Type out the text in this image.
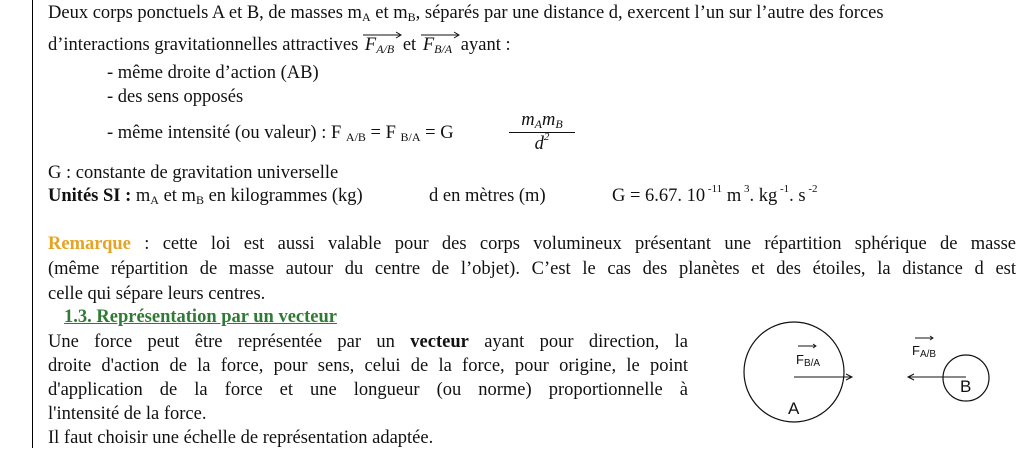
Deux corps ponctuels A et B, de masses $m_A$ et $m_B$, séparés par une distance d, exercent l’un sur l’autre des forces
d’interactions gravitationnelles attractives
$F_{A/B}$ et
$F_{B/A}$ ayant :
- même droite d’action (AB)
- des sens opposés
- même intensité (ou valeur) : F $_{A/B}$ = F $_{B/A}$ = G
$m_Am_B$
$d^2$
G : constante de gravitation universelle
Unités SI : $m_A$ et $m_B$ en kilogrammes (kg)	d en mètres (m)	G = 6.67. 10 $^{-11}$ m $^3$. kg $^{-1}$. s $^{-2}$
Remarque : cette loi est aussi valable pour des corps volumineux présentant une répartition sphérique de masse
(même répartition de masse autour du centre de l’objet). C’est le cas des planètes et des étoiles, la distance d est
celle qui sépare leurs centres.
1.3. Représentation par un vecteur
Une force peut être représentée par un vecteur ayant pour direction, la
droite d'action de la force, pour sens, celui de la force, pour origine, le point
d'application de la force et une longueur (ou norme) proportionnelle à
l'intensité de la force.
Il faut choisir une échelle de représentation adaptée.
FB/A
FA/B
A
B
